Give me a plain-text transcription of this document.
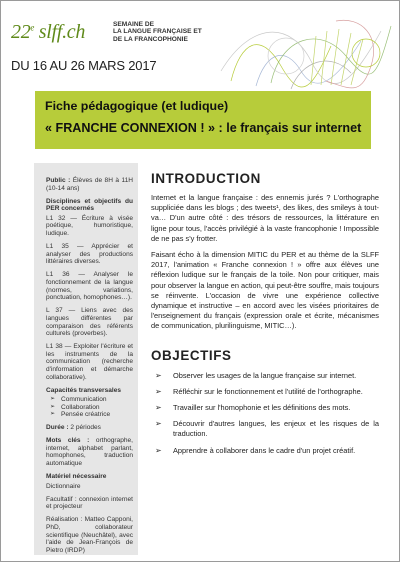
22e slff.ch	SEMAINE DE
LA LANGUE FRANÇAISE ET
DE LA FRANCOPHONIE
DU 16 AU 26 MARS 2017
Fiche pédagogique (et ludique)
« FRANCHE CONNEXION ! » : le français sur internet

Public : Élèves de 8H à 11H (10-14 ans)

Disciplines et objectifs du PER concernés

L1 32 — Écriture à visée poétique, humoristique, ludique.

L1 35 — Apprécier et analyser des productions littéraires diverses.

L1 36 — Analyser le fonctionnement de la langue (normes, variations, ponctuation, homophones…).

L 37 — Liens avec des langues différentes par comparaison des référents culturels (proverbes).

L1 38 — Exploiter l'écriture et les instruments de la communication (recherche d'information et démarche collaborative).

Capacités transversales

➢ Communication
➢ Collaboration
➢ Pensée créatrice

Durée : 2 périodes

Mots clés : orthographe, internet, alphabet parlant, homophones, traduction automatique

Matériel nécessaire

Dictionnaire

Facultatif : connexion internet et projecteur

Réalisation : Matteo Capponi, PhD, collaborateur scientifique (Neuchâtel), avec l'aide de Jean-François de Pietro (IRDP)

INTRODUCTION

Internet et la langue française : des ennemis jurés ? L'orthographe suppliciée dans les blogs ; des tweets¹, des likes, des smileys à tout-va… D'un autre côté : des trésors de ressources, la littérature en ligne pour tous, l'accès privilégié à la vaste francophonie ! Impossible de ne pas s'y frotter.

Faisant écho à la dimension MITIC du PER et au thème de la SLFF 2017, l'animation « Franche connexion ! » offre aux élèves une réflexion ludique sur le français de la toile. Non pour critiquer, mais pour observer la langue en action, qui peut-être souffre, mais toujours se réinvente. L'occasion de vivre une expérience collective dynamique et instructive – en accord avec les visées prioritaires de l'enseignement du français (expression orale et écrite, mécanismes de communication, plurilinguisme, MITIC…).

OBJECTIFS
➢ Observer les usages de la langue française sur internet.
➢ Réfléchir sur le fonctionnement et l'utilité de l'orthographe.
➢ Travailler sur l'homophonie et les définitions des mots.
➢ Découvrir d'autres langues, les enjeux et les risques de la traduction.
➢ Apprendre à collaborer dans le cadre d'un projet créatif.
